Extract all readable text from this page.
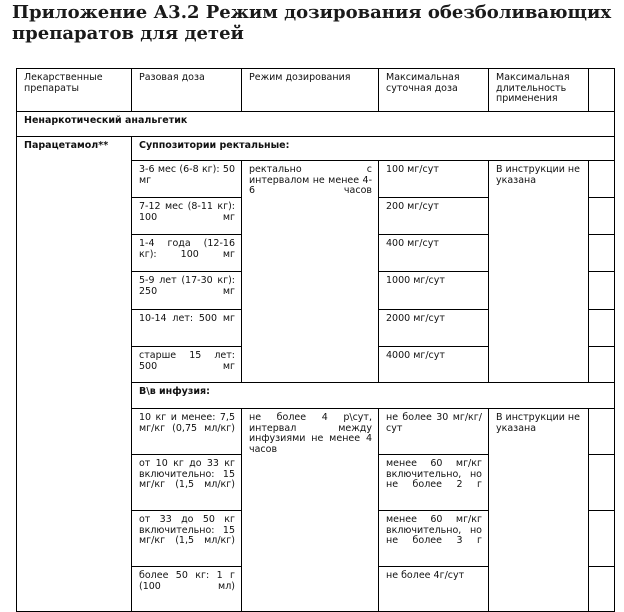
Приложение А3.2 Режим дозирования обезболивающих препаратов для детей
Лекарственные препараты	Разовая доза	Режим дозирования	Максимальная суточная доза	Максимальная длительность применения	
Ненаркотический анальгетик					
Парацетамол**	Суппозитории ректальные:				
	3-6 мес (6-8 кг): 50 мг	ректально с интервалом не менее 4-6 часов	100 мг/сут	В инструкции не указана	
	7-12 мес (8-11 кг): 100 мг		200 мг/сут		
	1-4 года (12-16 кг): 100 мг		400 мг/сут		
	5-9 лет (17-30 кг): 250 мг		1000 мг/сут		
	10-14 лет: 500 мг		2000 мг/сут		
	старше 15 лет: 500 мг		4000 мг/сут		
	В\в инфузия:				
	10 кг и менее: 7,5 мг/кг (0,75 мл/кг)	не более 4 р\сут, интервал между инфузиями не менее 4 часов	не более 30 мг/кг/сут	В инструкции не указана	
	от 10 кг до 33 кг включительно: 15 мг/кг (1,5 мл/кг)		менее 60 мг/кг включительно, но не более 2 г		
	от 33 до 50 кг включительно: 15 мг/кг (1,5 мл/кг)		менее 60 мг/кг включительно, но не более 3 г		
	более 50 кг: 1 г (100 мл)		не более 4г/сут		
